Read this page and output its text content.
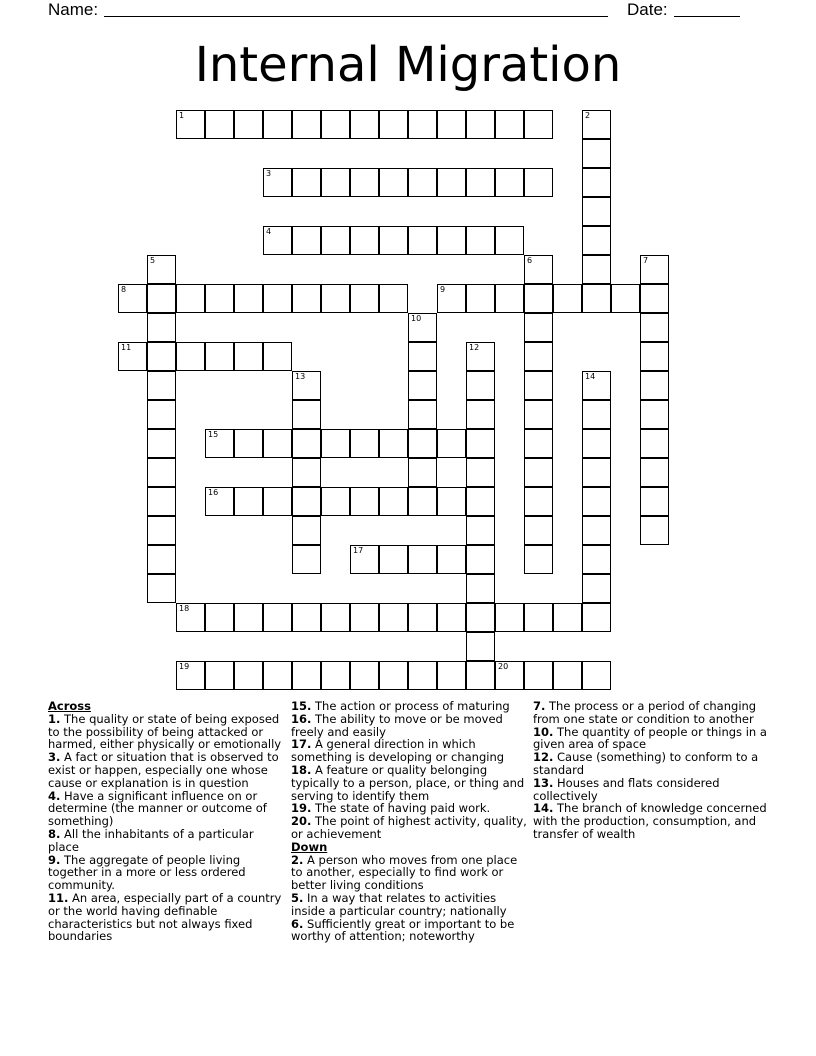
Name:	Date:
Internal Migration
1	2
3
4
5	6	7
8	9
10
11	12
13	14
15
16
17
18
19	20
Across
1. The quality or state of being exposed to the possibility of being attacked or harmed, either physically or emotionally
3. A fact or situation that is observed to exist or happen, especially one whose cause or explanation is in question
4. Have a significant influence on or determine (the manner or outcome of something)
8. All the inhabitants of a particular place
9. The aggregate of people living together in a more or less ordered community.
11. An area, especially part of a country or the world having definable characteristics but not always fixed boundaries
15. The action or process of maturing
16. The ability to move or be moved freely and easily
17. A general direction in which something is developing or changing
18. A feature or quality belonging typically to a person, place, or thing and serving to identify them
19. The state of having paid work.
20. The point of highest activity, quality, or achievement
Down
2. A person who moves from one place to another, especially to find work or better living conditions
5. In a way that relates to activities inside a particular country; nationally
6. Sufficiently great or important to be worthy of attention; noteworthy
7. The process or a period of changing from one state or condition to another
10. The quantity of people or things in a given area of space
12. Cause (something) to conform to a standard
13. Houses and flats considered collectively
14. The branch of knowledge concerned with the production, consumption, and transfer of wealth
